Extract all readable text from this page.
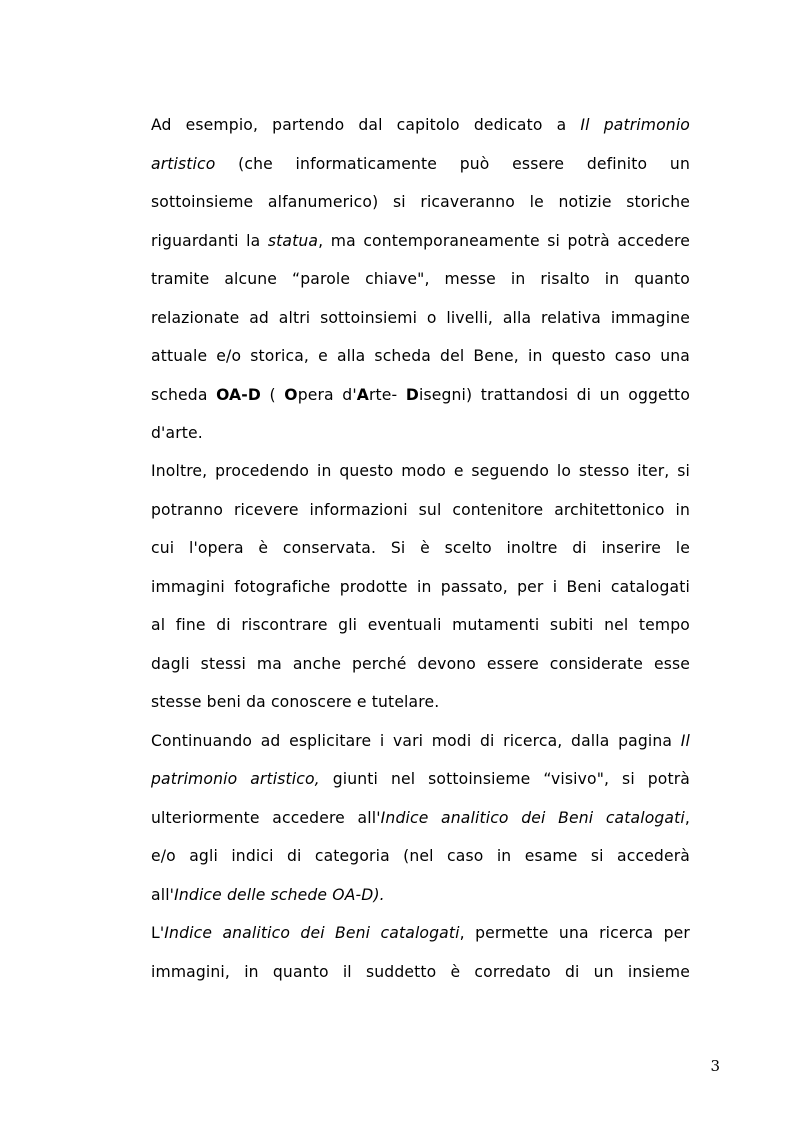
Ad esempio, partendo dal capitolo dedicato a Il patrimonio
artistico (che informaticamente può essere definito un
sottoinsieme alfanumerico) si ricaveranno le notizie storiche
riguardanti la statua, ma contemporaneamente si potrà accedere
tramite alcune “parole chiave", messe in risalto in quanto
relazionate ad altri sottoinsiemi o livelli, alla relativa immagine
attuale e/o storica, e alla scheda del Bene, in questo caso una
scheda OA-D ( Opera d'Arte- Disegni) trattandosi di un oggetto
d'arte.
Inoltre, procedendo in questo modo e seguendo lo stesso iter, si
potranno ricevere informazioni sul contenitore architettonico in
cui l'opera è conservata. Si è scelto inoltre di inserire le
immagini fotografiche prodotte in passato, per i Beni catalogati
al fine di riscontrare gli eventuali mutamenti subiti nel tempo
dagli stessi ma anche perché devono essere considerate esse
stesse beni da conoscere e tutelare.
Continuando ad esplicitare i vari modi di ricerca, dalla pagina Il
patrimonio artistico, giunti nel sottoinsieme “visivo", si potrà
ulteriormente accedere all'Indice analitico dei Beni catalogati,
e/o agli indici di categoria (nel caso in esame si accederà
all'Indice delle schede OA-D).
L'Indice analitico dei Beni catalogati, permette una ricerca per
immagini, in quanto il suddetto è corredato di un insieme
3
